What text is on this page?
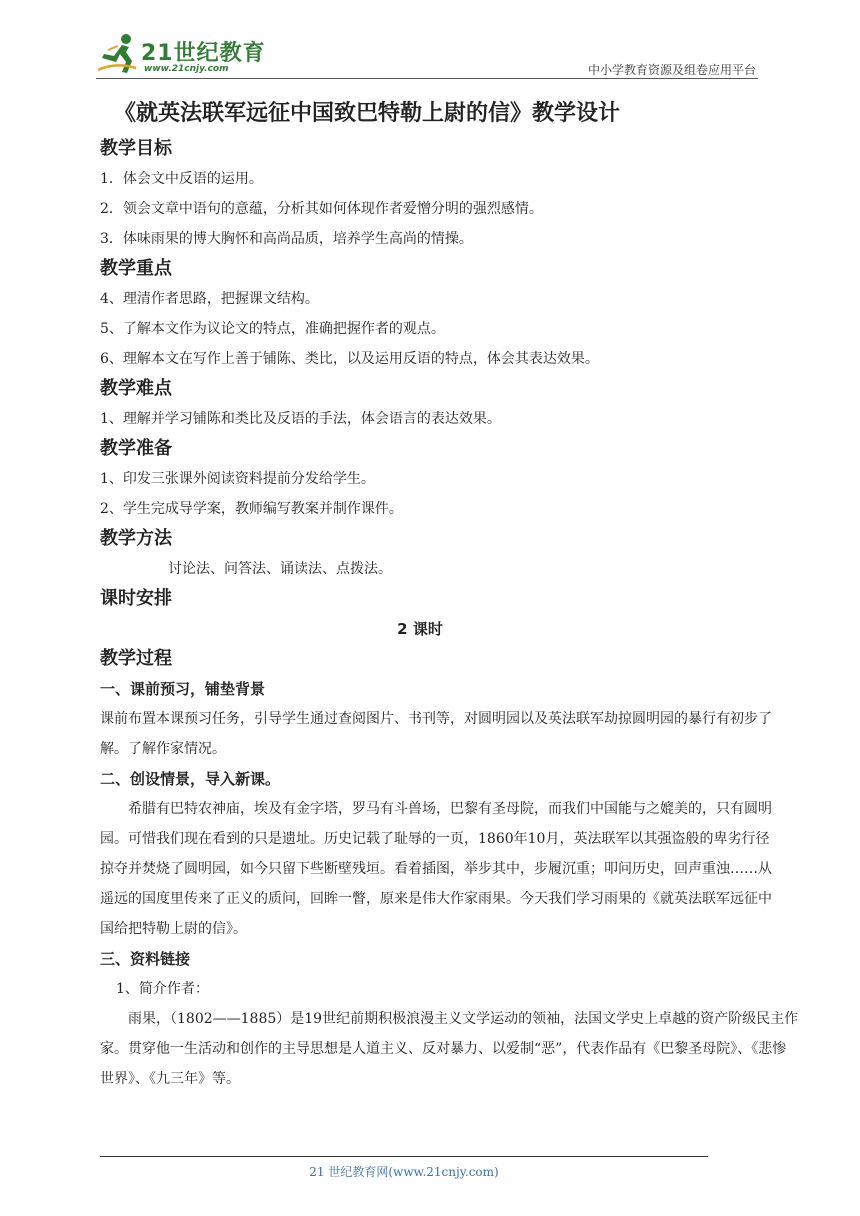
21世纪教育
www.21cnjy.com	中小学教育资源及组卷应用平台
《就英法联军远征中国致巴特勒上尉的信》教学设计
教学目标
1．体会文中反语的运用。
2．领会文章中语句的意蕴，分析其如何体现作者爱憎分明的强烈感情。
3．体味雨果的博大胸怀和高尚品质，培养学生高尚的情操。
教学重点
4、理清作者思路，把握课文结构。
5、了解本文作为议论文的特点，准确把握作者的观点。
6、理解本文在写作上善于铺陈、类比，以及运用反语的特点，体会其表达效果。
教学难点
1、理解并学习铺陈和类比及反语的手法，体会语言的表达效果。
教学准备
1、印发三张课外阅读资料提前分发给学生。
2、学生完成导学案，教师编写教案并制作课件。
教学方法
讨论法、问答法、诵读法、点拨法。
课时安排
2 课时
教学过程
一、课前预习，铺垫背景
课前布置本课预习任务，引导学生通过查阅图片、书刊等，对圆明园以及英法联军劫掠圆明园的暴行有初步了解。了解作家情况。
二、创设情景，导入新课。
希腊有巴特农神庙，埃及有金字塔，罗马有斗兽场，巴黎有圣母院，而我们中国能与之媲美的，只有圆明园。可惜我们现在看到的只是遗址。历史记载了耻辱的一页，1860年10月，英法联军以其强盗般的卑劣行径掠夺并焚烧了圆明园，如今只留下些断壁残垣。看着插图，举步其中，步履沉重；叩问历史，回声重浊……从遥远的国度里传来了正义的质问，回眸一瞥，原来是伟大作家雨果。今天我们学习雨果的《就英法联军远征中国给把特勒上尉的信》。
三、资料链接
1、简介作者：
雨果，（1802——1885）是19世纪前期积极浪漫主义文学运动的领袖，法国文学史上卓越的资产阶级民主作家。贯穿他一生活动和创作的主导思想是人道主义、反对暴力、以爱制“恶”，代表作品有《巴黎圣母院》、《悲惨世界》、《九三年》等。
21 世纪教育网(www.21cnjy.com)
